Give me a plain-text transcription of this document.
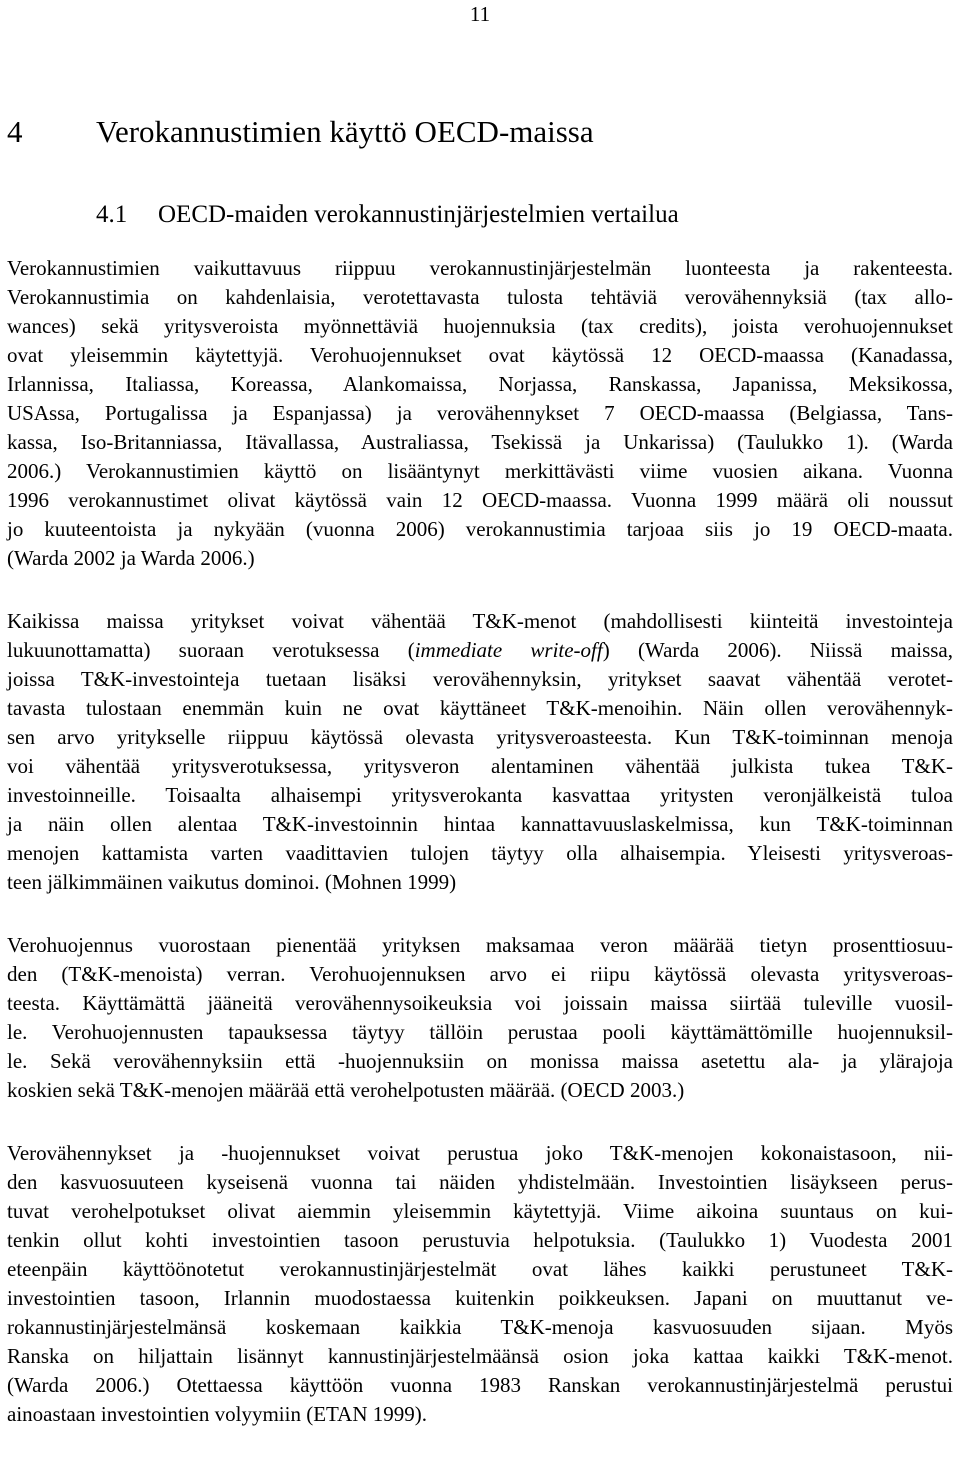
11
4 Verokannustimien käyttö OECD-maissa
4.1 OECD-maiden verokannustinjärjestelmien vertailua
Verokannustimien vaikuttavuus riippuu verokannustinjärjestelmän luonteesta ja rakenteesta.
Verokannustimia on kahdenlaisia, verotettavasta tulosta tehtäviä verovähennyksiä (tax allo-
wances) sekä yritysveroista myönnettäviä huojennuksia (tax credits), joista verohuojennukset
ovat yleisemmin käytettyjä. Verohuojennukset ovat käytössä 12 OECD-maassa (Kanadassa,
Irlannissa, Italiassa, Koreassa, Alankomaissa, Norjassa, Ranskassa, Japanissa, Meksikossa,
USAssa, Portugalissa ja Espanjassa) ja verovähennykset 7 OECD-maassa (Belgiassa, Tans-
kassa, Iso-Britanniassa, Itävallassa, Australiassa, Tsekissä ja Unkarissa) (Taulukko 1). (Warda
2006.) Verokannustimien käyttö on lisääntynyt merkittävästi viime vuosien aikana. Vuonna
1996 verokannustimet olivat käytössä vain 12 OECD-maassa. Vuonna 1999 määrä oli noussut
jo kuuteentoista ja nykyään (vuonna 2006) verokannustimia tarjoaa siis jo 19 OECD-maata.
(Warda 2002 ja Warda 2006.)
Kaikissa maissa yritykset voivat vähentää T&K-menot (mahdollisesti kiinteitä investointeja
lukuunottamatta) suoraan verotuksessa (immediate write-off) (Warda 2006). Niissä maissa,
joissa T&K-investointeja tuetaan lisäksi verovähennyksin, yritykset saavat vähentää verotet-
tavasta tulostaan enemmän kuin ne ovat käyttäneet T&K-menoihin. Näin ollen verovähennyk-
sen arvo yritykselle riippuu käytössä olevasta yritysveroasteesta. Kun T&K-toiminnan menoja
voi vähentää yritysverotuksessa, yritysveron alentaminen vähentää julkista tukea T&K-
investoinneille. Toisaalta alhaisempi yritysverokanta kasvattaa yritysten veronjälkeistä tuloa
ja näin ollen alentaa T&K-investoinnin hintaa kannattavuuslaskelmissa, kun T&K-toiminnan
menojen kattamista varten vaadittavien tulojen täytyy olla alhaisempia. Yleisesti yritysveroas-
teen jälkimmäinen vaikutus dominoi. (Mohnen 1999)
Verohuojennus vuorostaan pienentää yrityksen maksamaa veron määrää tietyn prosenttiosuu-
den (T&K-menoista) verran. Verohuojennuksen arvo ei riipu käytössä olevasta yritysveroas-
teesta. Käyttämättä jääneitä verovähennysoikeuksia voi joissain maissa siirtää tuleville vuosil-
le. Verohuojennusten tapauksessa täytyy tällöin perustaa pooli käyttämättömille huojennuksil-
le. Sekä verovähennyksiin että -huojennuksiin on monissa maissa asetettu ala- ja ylärajoja
koskien sekä T&K-menojen määrää että verohelpotusten määrää. (OECD 2003.)
Verovähennykset ja -huojennukset voivat perustua joko T&K-menojen kokonaistasoon, nii-
den kasvuosuuteen kyseisenä vuonna tai näiden yhdistelmään. Investointien lisäykseen perus-
tuvat verohelpotukset olivat aiemmin yleisemmin käytettyjä. Viime aikoina suuntaus on kui-
tenkin ollut kohti investointien tasoon perustuvia helpotuksia. (Taulukko 1) Vuodesta 2001
eteenpäin käyttöönotetut verokannustinjärjestelmät ovat lähes kaikki perustuneet T&K-
investointien tasoon, Irlannin muodostaessa kuitenkin poikkeuksen. Japani on muuttanut ve-
rokannustinjärjestelmänsä koskemaan kaikkia T&K-menoja kasvuosuuden sijaan. Myös
Ranska on hiljattain lisännyt kannustinjärjestelmäänsä osion joka kattaa kaikki T&K-menot.
(Warda 2006.) Otettaessa käyttöön vuonna 1983 Ranskan verokannustinjärjestelmä perustui
ainoastaan investointien volyymiin (ETAN 1999).
